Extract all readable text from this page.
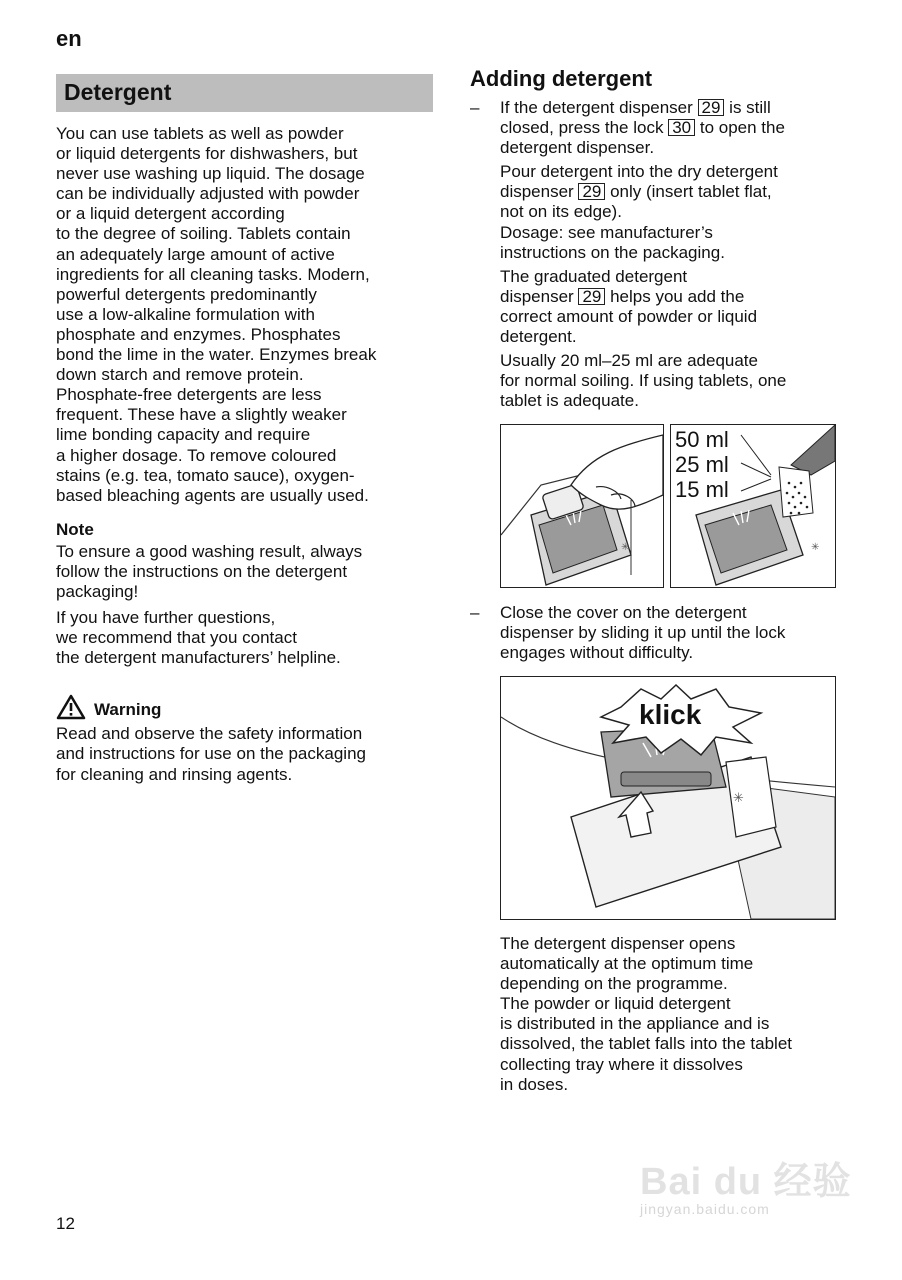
en
Detergent

You can use tablets as well as powder
or liquid detergents for dishwashers, but
never use washing up liquid. The dosage
can be individually adjusted with powder
or a liquid detergent according
to the degree of soiling. Tablets contain
an adequately large amount of active
ingredients for all cleaning tasks. Modern,
powerful detergents predominantly
use a low-alkaline formulation with
phosphate and enzymes. Phosphates
bond the lime in the water. Enzymes break
down starch and remove protein.
Phosphate-free detergents are less
frequent. These have a slightly weaker
lime bonding capacity and require
a higher dosage. To remove coloured
stains (e.g. tea, tomato sauce), oxygen-
based bleaching agents are usually used.

Note

To ensure a good washing result, always
follow the instructions on the detergent
packaging!

If you have further questions,
we recommend that you contact
the detergent manufacturers’ helpline.

Warning

Read and observe the safety information
and instructions for use on the packaging
for cleaning and rinsing agents.

Adding detergent
– If the detergent dispenser 29 is still
closed, press the lock 30 to open the
detergent dispenser.

Pour detergent into the dry detergent
dispenser 29 only (insert tablet flat,
not on its edge).
Dosage: see manufacturer’s
instructions on the packaging.

The graduated detergent
dispenser 29 helps you add the
correct amount of powder or liquid
detergent.

Usually 20 ml–25 ml are adequate
for normal soiling. If using tablets, one
tablet is adequate.

✳	✳
50 ml
25 ml
15 ml
– Close the cover on the detergent
dispenser by sliding it up until the lock
engages without difficulty.

✳
klick

The detergent dispenser opens
automatically at the optimum time
depending on the programme.
The powder or liquid detergent
is distributed in the appliance and is
dissolved, the tablet falls into the tablet
collecting tray where it dissolves
in doses.

12
Bai du 经验
jingyan.baidu.com
